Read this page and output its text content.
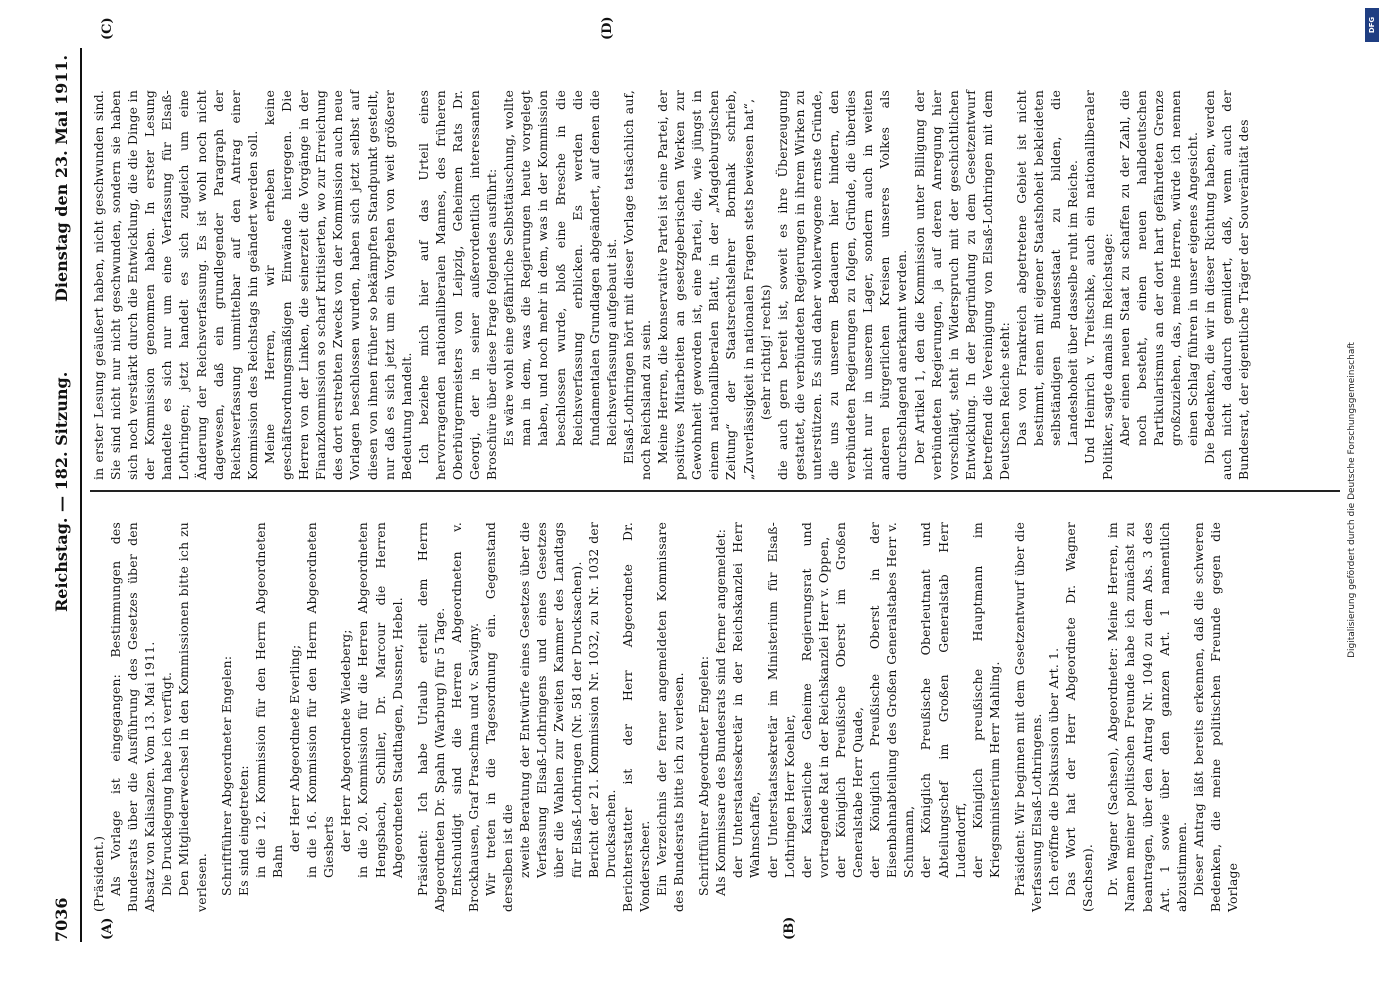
7036
Reichstag. — 182. Sitzung.
Dienstag den 23. Mai 1911.
(A)	(B)
(C)	(D)

(Präsident.) Als Vorlage ist eingegangen: Bestimmungen des Bundesrats über die Ausführung des Gesetzes über den Absatz von Kalisalzen. Vom 13. Mai 1911. Die Drucklegung habe ich verfügt. Den Mitgliederwechsel in den Kommissionen bitte ich zu verlesen. Schriftführer Abgeordneter Engelen: Es sind eingetreten: in die 12. Kommission für den Herrn Abgeordneten Bahn

der Herr Abgeordnete Everling; in die 16. Kommission für den Herrn Abgeordneten Giesberts der Herr Abgeordnete Wiedeberg; in die 20. Kommission für die Herren Abgeordneten Hengsbach, Schiller, Dr. Marcour die Herren Abgeordneten Stadthagen, Dussner, Hebel. Präsident: Ich habe Urlaub erteilt dem Herrn Abgeordneten Dr. Spahn (Warburg) für 5 Tage. Entschuldigt sind die Herren Abgeordneten v. Brockhausen, Graf Praschma und v. Savigny. Wir treten in die Tagesordnung ein. Gegenstand derselben ist die zweite Beratung der Entwürfe eines Gesetzes über die Verfassung Elsaß-Lothringens und eines Gesetzes über die Wahlen zur Zweiten Kammer des Landtags für Elsaß-Lothringen (Nr. 581 der Drucksachen). Bericht der 21. Kommission Nr. 1032, zu Nr. 1032 der Drucksachen. Berichterstatter ist der Herr Abgeordnete Dr. Vonderscheer. Ein Verzeichnis der ferner angemeldeten Kommissare des Bundesrats bitte ich zu verlesen. Schriftführer Abgeordneter Engelen: Als Kommissare des Bundesrats sind ferner angemeldet: der Unterstaatssekretär in der Reichskanzlei Herr Wahnschaffe, der Unterstaatssekretär im Ministerium für Elsaß-Lothringen Herr Koehler, der Kaiserliche Geheime Regierungsrat und vortragende Rat in der Reichskanzlei Herr v. Oppen, der Königlich Preußische Oberst im Großen Generalstabe Herr Quade, der Königlich Preußische Oberst in der Eisenbahnabteilung des Großen Generalstabes Herr v. Schumann, der Königlich Preußische Oberleutnant und Abteilungschef im Großen Generalstab Herr Ludendorff, der Königlich preußische Hauptmann im Kriegsministerium Herr Mahling. Präsident: Wir beginnen mit dem Gesetzentwurf über die Verfassung Elsaß-Lothringens. Ich eröffne die Diskussion über Art. 1. Das Wort hat der Herr Abgeordnete Dr. Wagner (Sachsen). Dr. Wagner (Sachsen), Abgeordneter: Meine Herren, im Namen meiner politischen Freunde habe ich zunächst zu beantragen, über den Antrag Nr. 1040 zu dem Abs. 3 des Art. 1 sowie über den ganzen Art. 1 namentlich abzustimmen. Dieser Antrag läßt bereits erkennen, daß die schweren Bedenken, die meine politischen Freunde gegen die Vorlage

in erster Lesung geäußert haben, nicht geschwunden sind. Sie sind nicht nur nicht geschwunden, sondern sie haben sich noch verstärkt durch die Entwicklung, die die Dinge in der Kommission genommen haben. In erster Lesung handelte es sich nur um eine Verfassung für Elsaß-Lothringen; jetzt handelt es sich zugleich um eine Änderung der Reichsverfassung. Es ist wohl noch nicht dagewesen, daß ein grundlegender Paragraph der Reichsverfassung unmittelbar auf den Antrag einer Kommission des Reichstags hin geändert werden soll. Meine Herren, wir erheben keine geschäftsordnungsmäßigen Einwände hiergegen. Die Herren von der Linken, die seinerzeit die Vorgänge in der Finanzkommission so scharf kritisierten, wo zur Erreichung des dort erstrebten Zwecks von der Kommission auch neue Vorlagen beschlossen wurden, haben sich jetzt selbst auf diesen von ihnen früher so bekämpften Standpunkt gestellt, nur daß es sich jetzt um ein Vorgehen von weit größerer Bedeutung handelt. Ich beziehe mich hier auf das Urteil eines hervorragenden nationalliberalen Mannes, des früheren Oberbürgermeisters von Leipzig, Geheimen Rats Dr. Georgi, der in seiner außerordentlich interessanten Broschüre über diese Frage folgendes ausführt: Es wäre wohl eine gefährliche Selbsttäuschung, wollte man in dem, was die Regierungen heute vorgelegt haben, und noch mehr in dem, was in der Kommission beschlossen wurde, bloß eine Bresche in die Reichsverfassung erblicken. Es werden die fundamentalen Grundlagen abgeändert, auf denen die Reichsverfassung aufgebaut ist. Elsaß-Lothringen hört mit dieser Vorlage tatsächlich auf, noch Reichsland zu sein. Meine Herren, die konservative Partei ist eine Partei, der positives Mitarbeiten an gesetzgeberischen Werken zur Gewohnheit geworden ist, eine Partei, die, wie jüngst in einem nationalliberalen Blatt, in der „Magdeburgischen Zeitung“ der Staatsrechtslehrer Bornhak schrieb, „Zuverlässigkeit in nationalen Fragen stets bewiesen hat“, (sehr richtig! rechts) die auch gern bereit ist, soweit es ihre Überzeugung gestattet, die verbündeten Regierungen in ihrem Wirken zu unterstützen. Es sind daher wohlerwogene ernste Gründe, die uns zu unserem Bedauern hier hindern, den verbündeten Regierungen zu folgen, Gründe, die überdies nicht nur in unserem Lager, sondern auch in weiten anderen bürgerlichen Kreisen unseres Volkes als durchschlagend anerkannt werden. Der Artikel 1, den die Kommission unter Billigung der verbündeten Regierungen, ja auf deren Anregung hier vorschlägt, steht in Widerspruch mit der geschichtlichen Entwicklung. In der Begründung zu dem Gesetzentwurf betreffend die Vereinigung von Elsaß-Lothringen mit dem Deutschen Reiche steht: Das von Frankreich abgetretene Gebiet ist nicht bestimmt, einen mit eigener Staatshoheit bekleideten selbständigen Bundesstaat zu bilden, die Landeshoheit über dasselbe ruht im Reiche. Und Heinrich v. Treitschke, auch ein nationalliberaler Politiker, sagte damals im Reichstage: Aber einen neuen Staat zu schaffen zu der Zahl, die noch besteht, einen neuen halbdeutschen Partikularismus an der dort hart gefährdeten Grenze großzuziehen, das, meine Herren, würde ich nennen einen Schlag führen in unser eigenes Angesicht. Die Bedenken, die wir in dieser Richtung haben, werden auch nicht dadurch gemildert, daß, wenn auch der Bundesrat, der eigentliche Träger der Souveränität des

Digitalisierung gefördert durch die Deutsche Forschungsgemeinschaft
DFG
